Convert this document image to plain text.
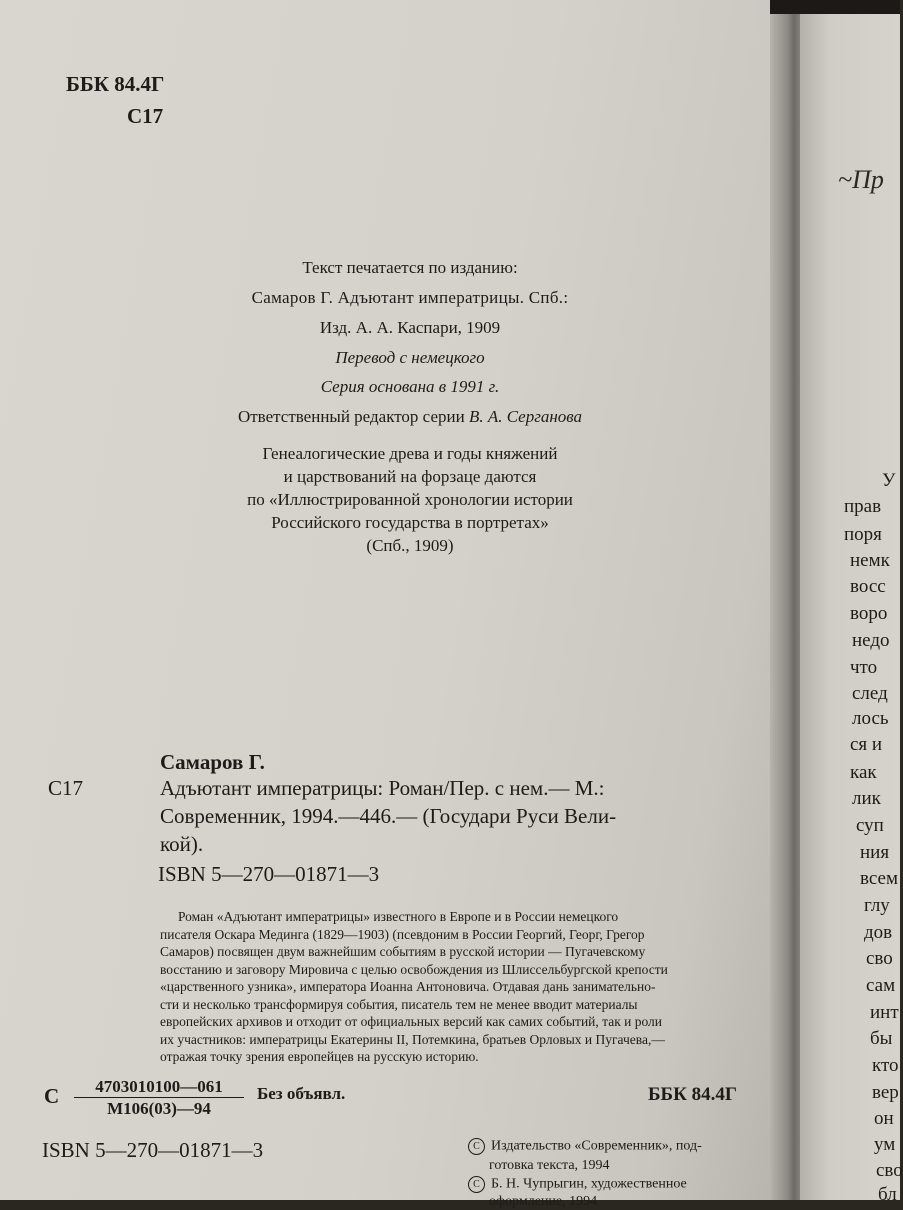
ББК 84.4Г
С17
Текст печатается по изданию:
Самаров Г. Адъютант императрицы. Спб.:
Изд. А. А. Каспари, 1909
Перевод с немецкого
Серия основана в 1991 г.
Ответственный редактор серии В. А. Серганова
Генеалогические древа и годы княжений
и царствований на форзаце даются
по «Иллюстрированной хронологии истории
Российского государства в портретах»
(Спб., 1909)
Самаров Г.
С17	Адъютант императрицы: Роман/Пер. с нем.— М.:
Современник, 1994.—446.— (Государи Руси Вели-
кой).
ISBN 5—270—01871—3
Роман «Адъютант императрицы» известного в Европе и в России немецкого
писателя Оскара Мединга (1829—1903) (псевдоним в России Георгий, Георг, Грегор
Самаров) посвящен двум важнейшим событиям в русской истории — Пугачевскому
восстанию и заговору Мировича с целью освобождения из Шлиссельбургской крепости
«царственного узника», императора Иоанна Антоновича. Отдавая дань занимательно-
сти и несколько трансформируя события, писатель тем не менее вводит материалы
европейских архивов и отходит от официальных версий как самих событий, так и роли
их участников: императрицы Екатерины II, Потемкина, братьев Орловых и Пугачева,—
отражая точку зрения европейцев на русскую историю.
С	4703010100—061
М106(03)—94
Без объявл.	ББК 84.4Г
ISBN 5—270—01871—3	C Издательство «Современник», под-
готовка текста, 1994
C Б. Н. Чупрыгин, художественное
оформление, 1994
~Пр
У
прав
поря
немк
восс
воро
недо
что
след
лось
ся и
как
лик
суп
ния
всем
глу
дов
сво
сам
инт
бы
кто
вер
он
ум
сво
бл
